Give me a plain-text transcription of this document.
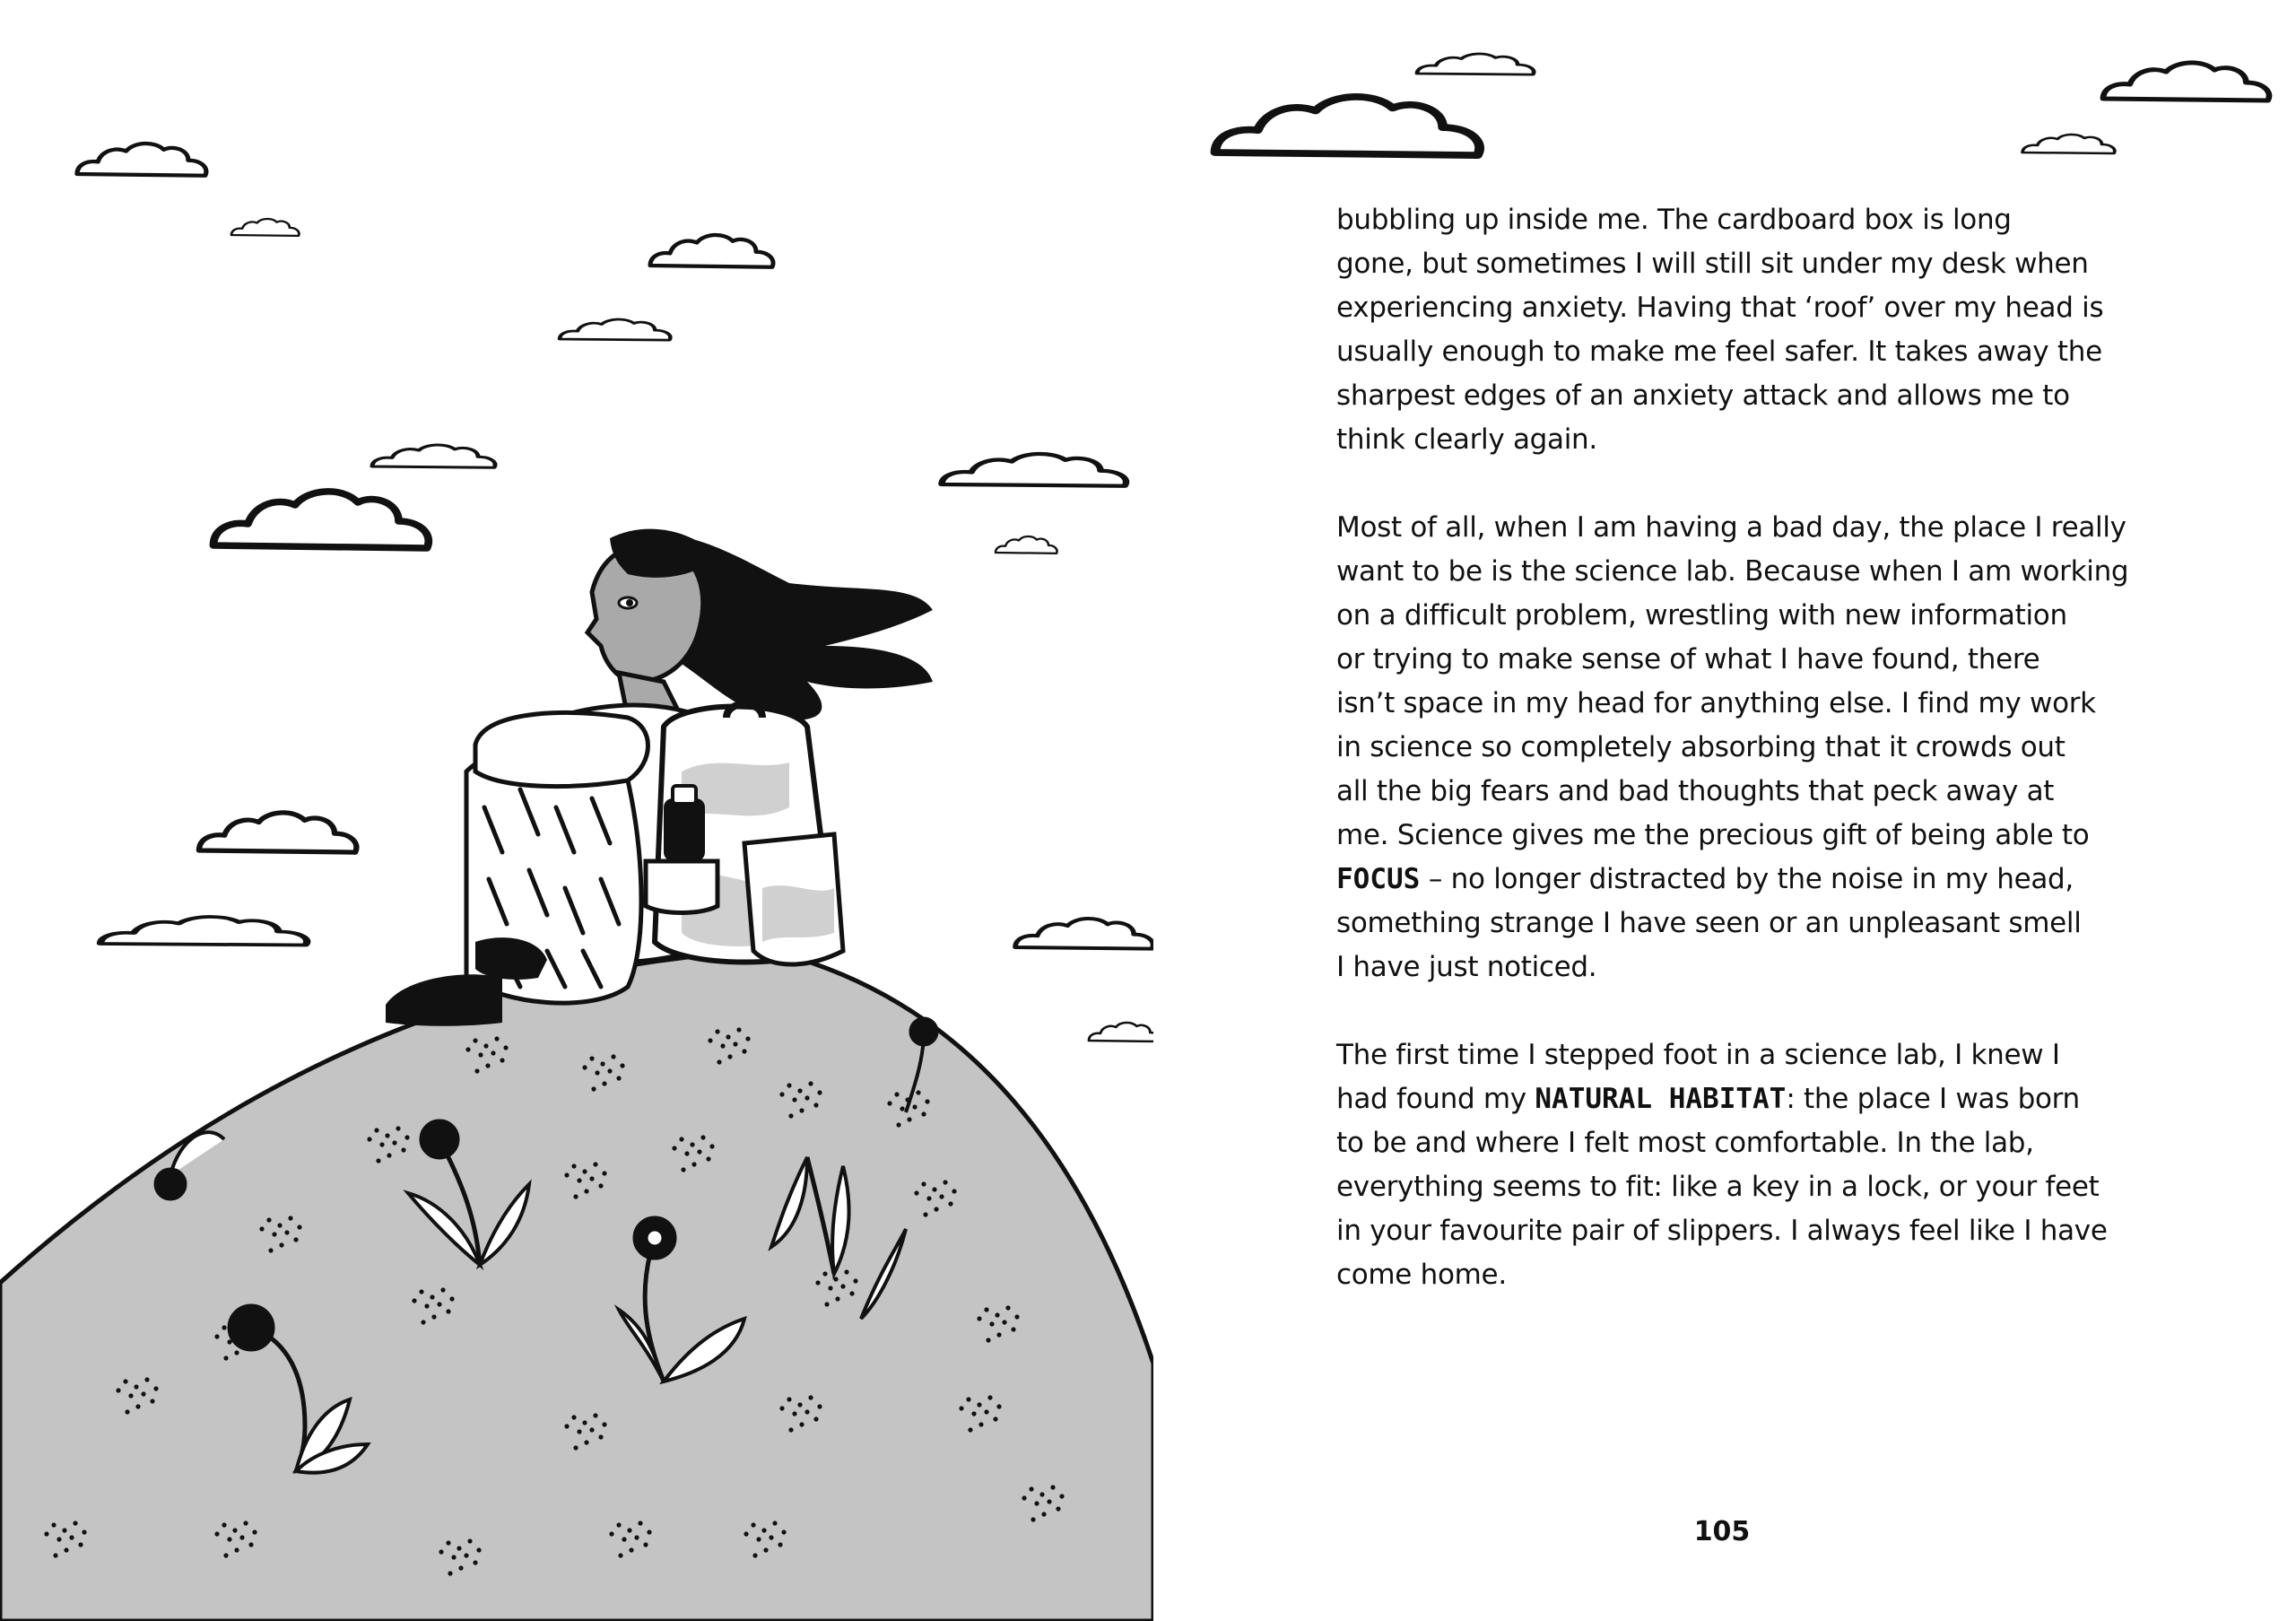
bubbling up inside me. The cardboard box is long
gone, but sometimes I will still sit under my desk when
experiencing anxiety. Having that ‘roof’ over my head is
usually enough to make me feel safer. It takes away the
sharpest edges of an anxiety attack and allows me to
think clearly again.

Most of all, when I am having a bad day, the place I really
want to be is the science lab. Because when I am working
on a difficult problem, wrestling with new information
or trying to make sense of what I have found, there
isn’t space in my head for anything else. I find my work
in science so completely absorbing that it crowds out
all the big fears and bad thoughts that peck away at
me. Science gives me the precious gift of being able to
FOCUS – no longer distracted by the noise in my head,
something strange I have seen or an unpleasant smell
I have just noticed.

The first time I stepped foot in a science lab, I knew I
had found my NATURAL HABITAT: the place I was born
to be and where I felt most comfortable. In the lab,
everything seems to fit: like a key in a lock, or your feet
in your favourite pair of slippers. I always feel like I have
come home.

105
